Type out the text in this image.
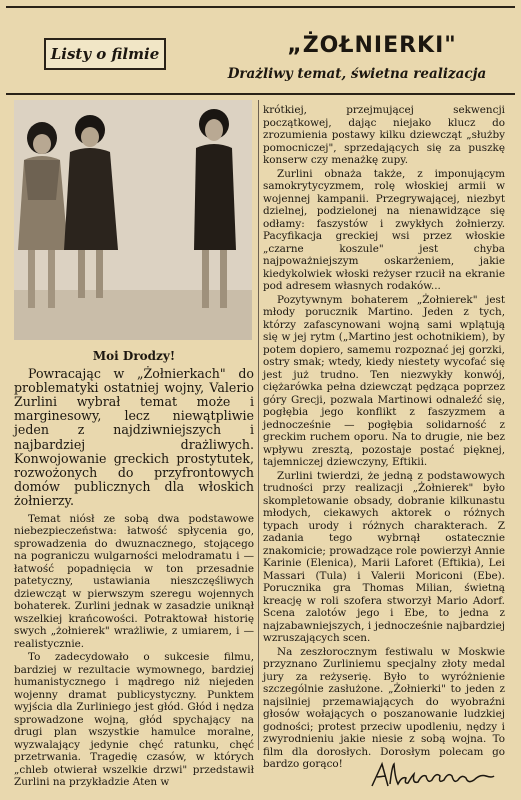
Listy o filmie	„ŻOŁNIERKI"
Drażliwy temat, świetna realizacja

Moi Drodzy!

Powracając w „Żołnierkach" do problematyki ostatniej wojny, Valerio Zurlini wybrał temat może i marginesowy, lecz niewątpliwie jeden z najdziwniejszych i najbardziej drażliwych. Konwojowanie greckich prostytutek, rozwożonych do przyfrontowych domów publicznych dla włoskich żołnierzy.

Temat niósł ze sobą dwa podstawowe niebezpieczeństwa: łatwość spłycenia go, sprowadzenia do dwuznacznego, stojącego na pograniczu wulgarności melodramatu i — łatwość popadnięcia w ton przesadnie patetyczny, ustawiania nieszczęśliwych dziewcząt w pierwszym szeregu wojennych bohaterek. Zurlini jednak w zasadzie uniknął wszelkiej krańcowości. Potraktował historię swych „żołnierek" wrażliwie, z umiarem, i — realistycznie.

To zadecydowało o sukcesie filmu, bardziej w rezultacie wymownego, bardziej humanistycznego i mądrego niż niejeden wojenny dramat publicystyczny. Punktem wyjścia dla Zurliniego jest głód. Głód i nędza sprowadzone wojną, głód spychający na drugi plan wszystkie hamulce moralne, wyzwalający jedynie chęć ratunku, chęć przetrwania. Tragedię czasów, w których „chleb otwierał wszelkie drzwi" przedstawił Zurlini na przykładzie Aten w

krótkiej, przejmującej sekwencji początkowej, dając niejako klucz do zrozumienia postawy kilku dziewcząt „służby pomocniczej", sprzedających się za puszkę konserw czy menażkę zupy.

Zurlini obnaża także, z imponującym samokrytycyzmem, rolę włoskiej armii w wojennej kampanii. Przegrywającej, niezbyt dzielnej, podzielonej na nienawidzące się odłamy: faszystów i zwykłych żołnierzy. Pacyfikacja greckiej wsi przez włoskie „czarne koszule" jest chyba najpoważniejszym oskarżeniem, jakie kiedykolwiek włoski reżyser rzucił na ekranie pod adresem własnych rodaków...

Pozytywnym bohaterem „Żołnierek" jest młody porucznik Martino. Jeden z tych, którzy zafascynowani wojną sami wplątują się w jej rytm („Martino jest ochotnikiem), by potem dopiero, samemu rozpoznać jej gorzki, ostry smak; wtedy, kiedy niestety wycofać się jest już trudno. Ten niezwykły konwój, ciężarówka pełna dziewcząt pędząca poprzez góry Grecji, pozwala Martinowi odnaleźć się, pogłębia jego konflikt z faszyzmem a jednocześnie — pogłębia solidarność z greckim ruchem oporu. Na to drugie, nie bez wpływu zresztą, pozostaje postać pięknej, tajemniczej dziewczyny, Eftikii.

Zurlini twierdzi, że jedną z podstawowych trudności przy realizacji „Żołnierek" było skompletowanie obsady, dobranie kilkunastu młodych, ciekawych aktorek o różnych typach urody i różnych charakterach. Z zadania tego wybrnął ostatecznie znakomicie; prowadzące role powierzył Annie Karinie (Elenica), Marii Laforet (Eftikia), Lei Massari (Tula) i Valerii Moriconi (Ebe). Porucznika gra Thomas Milian, świetną kreację w roli szofera stworzył Mario Adorf. Scena zalotów jego i Ebe, to jedna z najzabawniejszych, i jednocześnie najbardziej wzruszających scen.

Na zeszłorocznym festiwalu w Moskwie przyznano Zurliniemu specjalny złoty medal jury za reżyserię. Było to wyróżnienie szczególnie zasłużone. „Żołnierki" to jeden z najsilniej przemawiających do wyobraźni głosów wołających o poszanowanie ludzkiej godności; protest przeciw upodleniu, nędzy i zwyrodnieniu jakie niesie z sobą wojna. To film dla dorosłych. Dorosłym polecam go bardzo gorąco!
